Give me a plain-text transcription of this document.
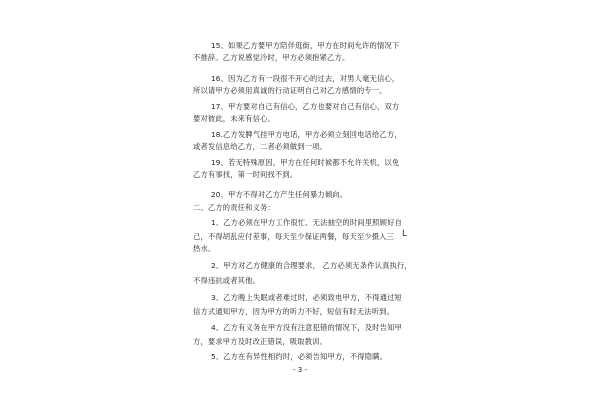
15、如果乙方要甲方陪伴逛街，甲方在时间允许的情况下
不推辞。乙方说感觉冷时，甲方必须抱紧乙方。
16、因为乙方有一段很不开心的过去，对男人毫无信心，
所以请甲方必须用真诚的行动证明自己对乙方感情的专一。
17、甲方要对自己有信心，乙方也要对自己有信心，双方
要对彼此，未来有信心。
18.乙方发脾气挂甲方电话，甲方必须立刻回电话给乙方，
或者发信息给乙方，二者必须做到一项。
19、若无特殊原因，甲方在任何时候都不允许关机，以免
乙方有事找，第一时间找不到。
20、甲方不得对乙方产生任何暴力倾向。
二、乙方的责任和义务：
1、乙方必须在甲方工作很忙、无法抽空的时间里照顾好自
己，不得胡乱应付差事，每天至少保证两餐，每天至少摄入三 L
热水。
2、甲方对乙方健康的合理要求， 乙方必须无条件认真执行，
不得违抗或者其他。
3、乙方晚上失眠或者难过时，必须致电甲方，不得通过短
信方式通知甲方，因为甲方的听力不好，短信有时无法听到。
4、乙方有义务在甲方没有注意犯错的情况下，及时告知甲
方，要求甲方及时改正错误，吸取教训。
5、乙方在有异性相约时，必须告知甲方，不得隐瞒。
- 3 -
